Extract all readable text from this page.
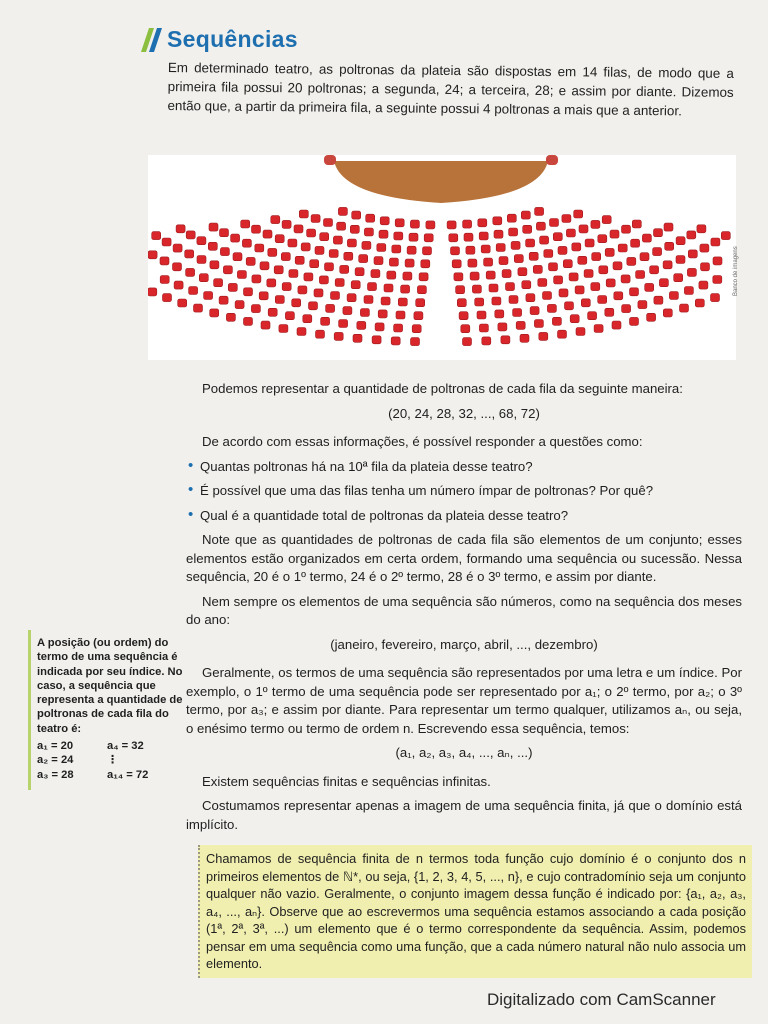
Sequências
Em determinado teatro, as poltronas da plateia são dispostas em 14 filas, de modo que a primeira fila possui 20 poltronas; a segunda, 24; a terceira, 28; e assim por diante. Dizemos então que, a partir da primeira fila, a seguinte possui 4 poltronas a mais que a anterior.
Banco de imagens

Podemos representar a quantidade de poltronas de cada fila da seguinte maneira:

(20, 24, 28, 32, ..., 68, 72)

De acordo com essas informações, é possível responder a questões como:

• Quantas poltronas há na 10ª fila da plateia desse teatro?
• É possível que uma das filas tenha um número ímpar de poltronas? Por quê?
• Qual é a quantidade total de poltronas da plateia desse teatro?

Note que as quantidades de poltronas de cada fila são elementos de um conjunto; esses elementos estão organizados em certa ordem, formando uma sequência ou sucessão. Nessa sequência, 20 é o 1º termo, 24 é o 2º termo, 28 é o 3º termo, e assim por diante.

Nem sempre os elementos de uma sequência são números, como na sequência dos meses do ano:

(janeiro, fevereiro, março, abril, ..., dezembro)

Geralmente, os termos de uma sequência são representados por uma letra e um índice. Por exemplo, o 1º termo de uma sequência pode ser representado por a₁; o 2º termo, por a₂; o 3º termo, por a₃; e assim por diante. Para representar um termo qualquer, utilizamos aₙ, ou seja, o enésimo termo ou termo de ordem n. Escrevendo essa sequência, temos:

(a₁, a₂, a₃, a₄, ..., aₙ, ...)

Existem sequências finitas e sequências infinitas.

Costumamos representar apenas a imagem de uma sequência finita, já que o domínio está implícito.

A posição (ou ordem) do termo de uma sequência é indicada por seu índice. No caso, a sequência que representa a quantidade de poltronas de cada fila do teatro é:
a₁ = 20	a₄ = 32
a₂ = 24	⋮
a₃ = 28	a₁₄ = 72

Chamamos de sequência finita de n termos toda função cujo domínio é o conjunto dos n primeiros elementos de ℕ*, ou seja, {1, 2, 3, 4, 5, ..., n}, e cujo contradomínio seja um conjunto qualquer não vazio. Geralmente, o conjunto imagem dessa função é indicado por: {a₁, a₂, a₃, a₄, ..., aₙ}. Observe que ao escrevermos uma sequência estamos associando a cada posição (1ª, 2ª, 3ª, ...) um elemento que é o termo correspondente da sequência. Assim, podemos pensar em uma sequência como uma função, que a cada número natural não nulo associa um elemento.

Digitalizado com CamScanner
